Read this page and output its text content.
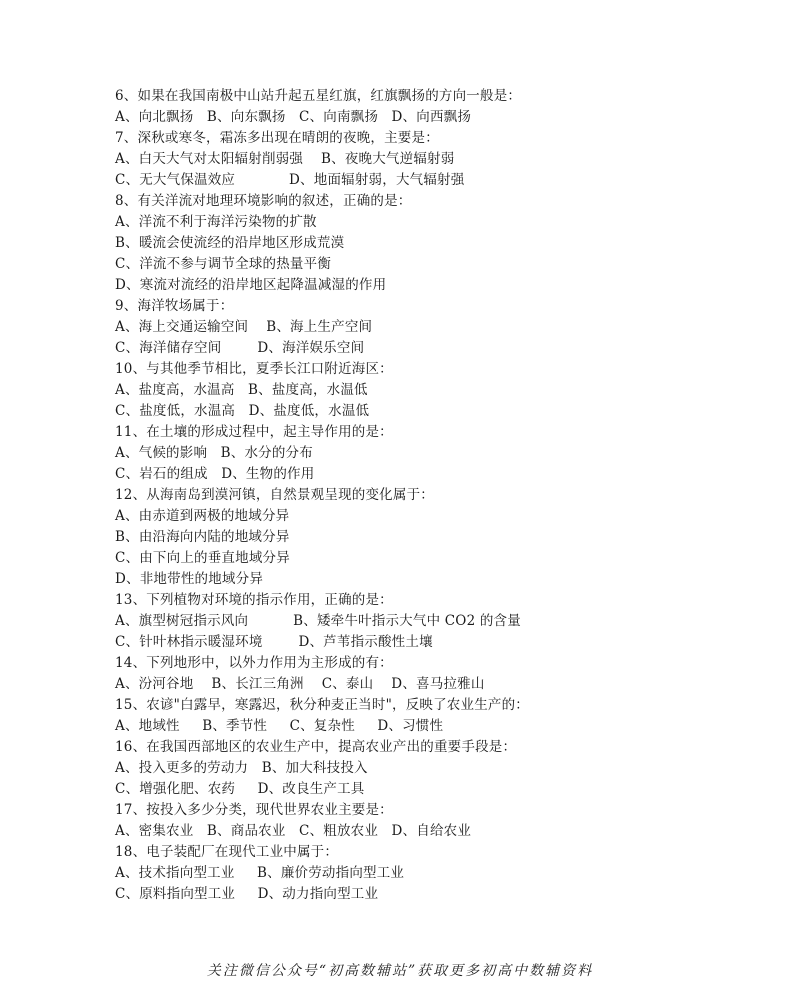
6、如果在我国南极中山站升起五星红旗，红旗飘扬的方向一般是：
A、向北飘扬   B、向东飘扬   C、向南飘扬   D、向西飘扬
7、深秋或寒冬，霜冻多出现在晴朗的夜晚，主要是：
A、白天大气对太阳辐射削弱强    B、夜晚大气逆辐射弱
C、无大气保温效应            D、地面辐射弱，大气辐射强
8、有关洋流对地理环境影响的叙述，正确的是：
A、洋流不利于海洋污染物的扩散
B、暖流会使流经的沿岸地区形成荒漠
C、洋流不参与调节全球的热量平衡
D、寒流对流经的沿岸地区起降温减湿的作用
9、海洋牧场属于：
A、海上交通运输空间    B、海上生产空间
C、海洋储存空间        D、海洋娱乐空间
10、与其他季节相比，夏季长江口附近海区：
A、盐度高，水温高   B、盐度高，水温低
C、盐度低，水温高   D、盐度低，水温低
11、在土壤的形成过程中，起主导作用的是：
A、气候的影响   B、水分的分布
C、岩石的组成   D、生物的作用
12、从海南岛到漠河镇，自然景观呈现的变化属于：
A、由赤道到两极的地域分异
B、由沿海向内陆的地域分异
C、由下向上的垂直地域分异
D、非地带性的地域分异
13、下列植物对环境的指示作用，正确的是：
A、旗型树冠指示风向          B、矮牵牛叶指示大气中 CO2 的含量
C、针叶林指示暖湿环境        D、芦苇指示酸性土壤
14、下列地形中，以外力作用为主形成的有：
A、汾河谷地    B、长江三角洲    C、泰山    D、喜马拉雅山
15、农谚"白露早，寒露迟，秋分种麦正当时"，反映了农业生产的：
A、地域性     B、季节性     C、复杂性     D、习惯性
16、在我国西部地区的农业生产中，提高农业产出的重要手段是：
A、投入更多的劳动力   B、加大科技投入
C、增强化肥、农药     D、改良生产工具
17、按投入多少分类，现代世界农业主要是：
A、密集农业   B、商品农业   C、粗放农业   D、自给农业
18、电子装配厂在现代工业中属于：
A、技术指向型工业     B、廉价劳动指向型工业
C、原料指向型工业     D、动力指向型工业
关注微信公众号“初高数辅站”获取更多初高中数辅资料
